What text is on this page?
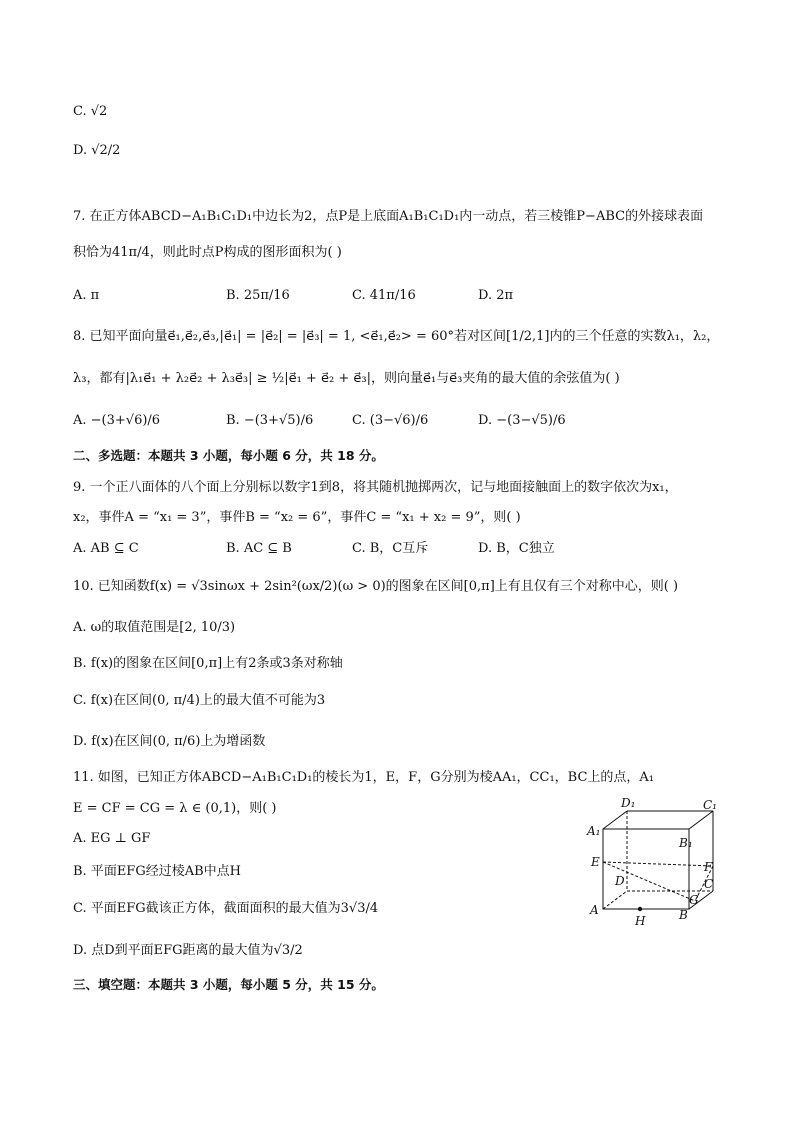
C. √2
D. √2/2
7. 在正方体ABCD−A₁B₁C₁D₁中边长为2，点P是上底面A₁B₁C₁D₁内一动点，若三棱锥P−ABC的外接球表面
积恰为41π/4，则此时点P构成的图形面积为( )
A. π	B. 25π/16	C. 41π/16	D. 2π
8. 已知平面向量e⃗₁,e⃗₂,e⃗₃,|e⃗₁| = |e⃗₂| = |e⃗₃| = 1, <e⃗₁,e⃗₂> = 60°若对区间[1/2,1]内的三个任意的实数λ₁，λ₂，
λ₃，都有|λ₁e⃗₁ + λ₂e⃗₂ + λ₃e⃗₃| ≥ ½|e⃗₁ + e⃗₂ + e⃗₃|，则向量e⃗₁与e⃗₃夹角的最大值的余弦值为( )
A. −(3+√6)/6	B. −(3+√5)/6	C. (3−√6)/6	D. −(3−√5)/6
二、多选题：本题共 3 小题，每小题 6 分，共 18 分。
9. 一个正八面体的八个面上分别标以数字1到8，将其随机抛掷两次，记与地面接触面上的数字依次为x₁，
x₂，事件A = “x₁ = 3”，事件B = “x₂ = 6”，事件C = “x₁ + x₂ = 9”，则( )
A. AB ⊆ C	B. AC ⊆ B	C. B，C互斥	D. B，C独立
10. 已知函数f(x) = √3sinωx + 2sin²(ωx/2)(ω > 0)的图象在区间[0,π]上有且仅有三个对称中心，则( )
A. ω的取值范围是[2, 10/3)
B. f(x)的图象在区间[0,π]上有2条或3条对称轴
C. f(x)在区间(0, π/4)上的最大值不可能为3
D. f(x)在区间(0, π/6)上为增函数
11. 如图，已知正方体ABCD−A₁B₁C₁D₁的棱长为1，E，F，G分别为棱AA₁，CC₁，BC上的点，A₁
E = CF = CG = λ ∈ (0,1)，则( )
A. EG ⊥ GF
B. 平面EFG经过棱AB中点H
C. 平面EFG截该正方体，截面面积的最大值为3√3/4
D. 点D到平面EFG距离的最大值为√3/2
D₁	C₁
A₁
B₁
E	F
D	C
G
A	B
H
三、填空题：本题共 3 小题，每小题 5 分，共 15 分。
